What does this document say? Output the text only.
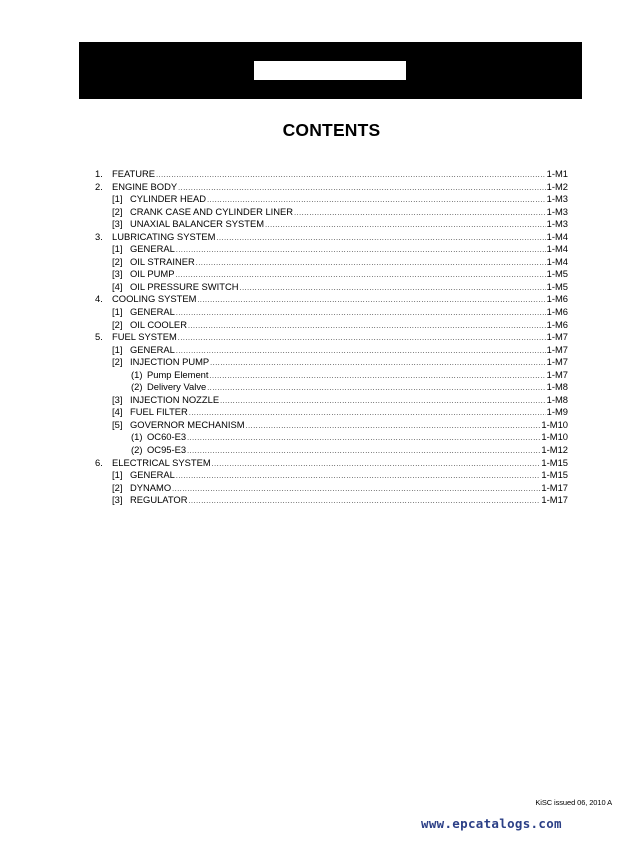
CONTENTS
1. FEATURE .....	1-M1
2. ENGINE BODY .....	1-M2
[1] CYLINDER HEAD .....	1-M3
[2] CRANK CASE AND CYLINDER LINER .....	1-M3
[3] UNAXIAL BALANCER SYSTEM .....	1-M3
3. LUBRICATING SYSTEM .....	1-M4
[1] GENERAL .....	1-M4
[2] OIL STRAINER .....	1-M4
[3] OIL PUMP .....	1-M5
[4] OIL PRESSURE SWITCH .....	1-M5
4. COOLING SYSTEM .....	1-M6
[1] GENERAL .....	1-M6
[2] OIL COOLER .....	1-M6
5. FUEL SYSTEM .....	1-M7
[1] GENERAL .....	1-M7
[2] INJECTION PUMP .....	1-M7
(1) Pump Element .....	1-M7
(2) Delivery Valve .....	1-M8
[3] INJECTION NOZZLE .....	1-M8
[4] FUEL FILTER .....	1-M9
[5] GOVERNOR MECHANISM .....	1-M10
(1) OC60-E3 .....	1-M10
(2) OC95-E3 .....	1-M12
6. ELECTRICAL SYSTEM .....	1-M15
[1] GENERAL .....	1-M15
[2] DYNAMO .....	1-M17
[3] REGULATOR .....	1-M17
KiSC issued 06, 2010 A
www.epcatalogs.com
